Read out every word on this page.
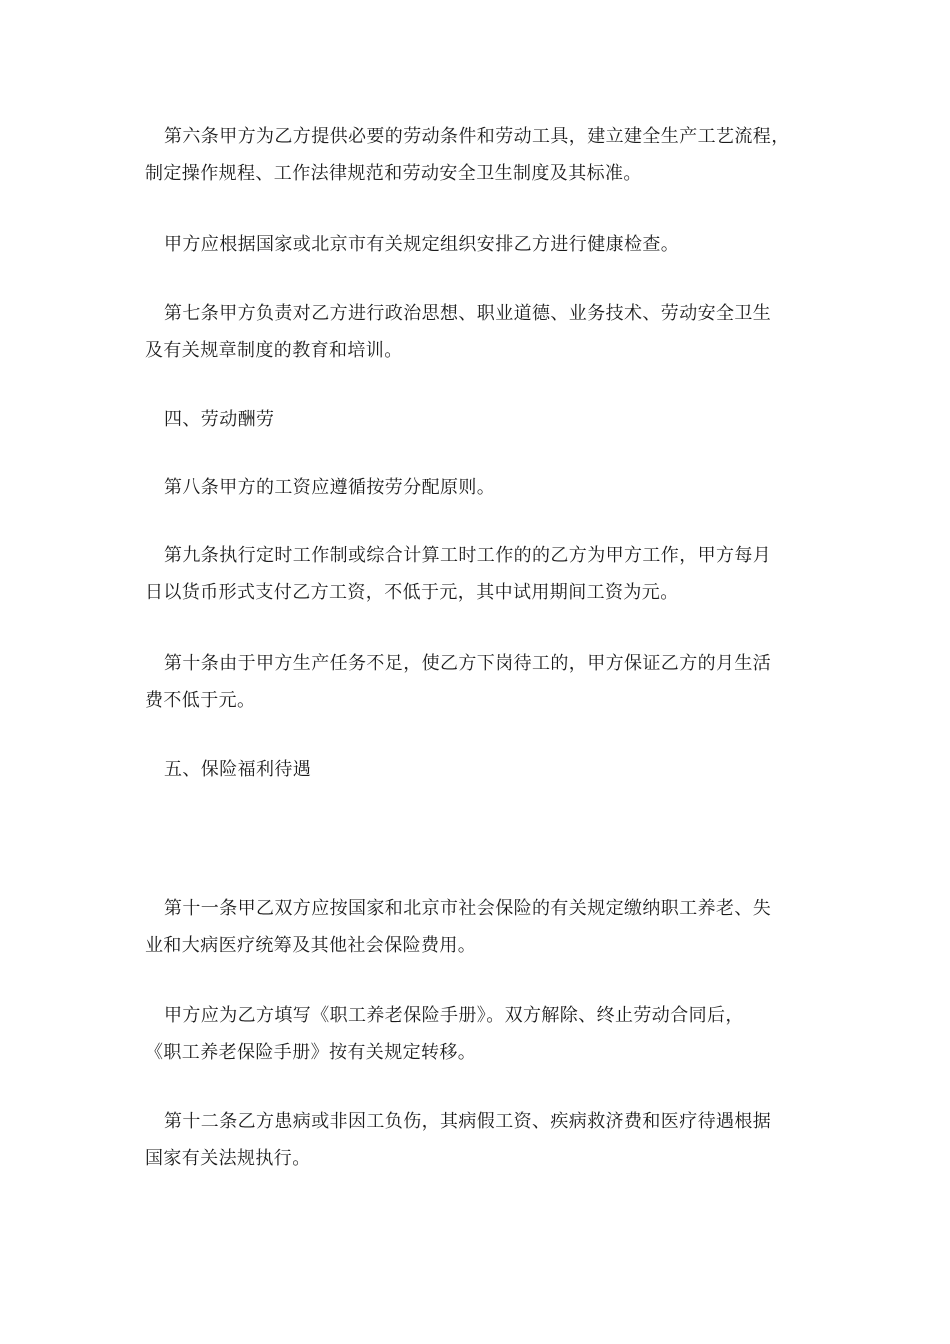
第六条甲方为乙方提供必要的劳动条件和劳动工具，建立建全生产工艺流程，
制定操作规程、工作法律规范和劳动安全卫生制度及其标准。

甲方应根据国家或北京市有关规定组织安排乙方进行健康检查。

第七条甲方负责对乙方进行政治思想、职业道德、业务技术、劳动安全卫生
及有关规章制度的教育和培训。

四、劳动酬劳

第八条甲方的工资应遵循按劳分配原则。

第九条执行定时工作制或综合计算工时工作的的乙方为甲方工作，甲方每月
日以货币形式支付乙方工资，不低于元，其中试用期间工资为元。

第十条由于甲方生产任务不足，使乙方下岗待工的，甲方保证乙方的月生活
费不低于元。

五、保险福利待遇

第十一条甲乙双方应按国家和北京市社会保险的有关规定缴纳职工养老、失
业和大病医疗统筹及其他社会保险费用。

甲方应为乙方填写《职工养老保险手册》。双方解除、终止劳动合同后，
《职工养老保险手册》按有关规定转移。

第十二条乙方患病或非因工负伤，其病假工资、疾病救济费和医疗待遇根据
国家有关法规执行。
